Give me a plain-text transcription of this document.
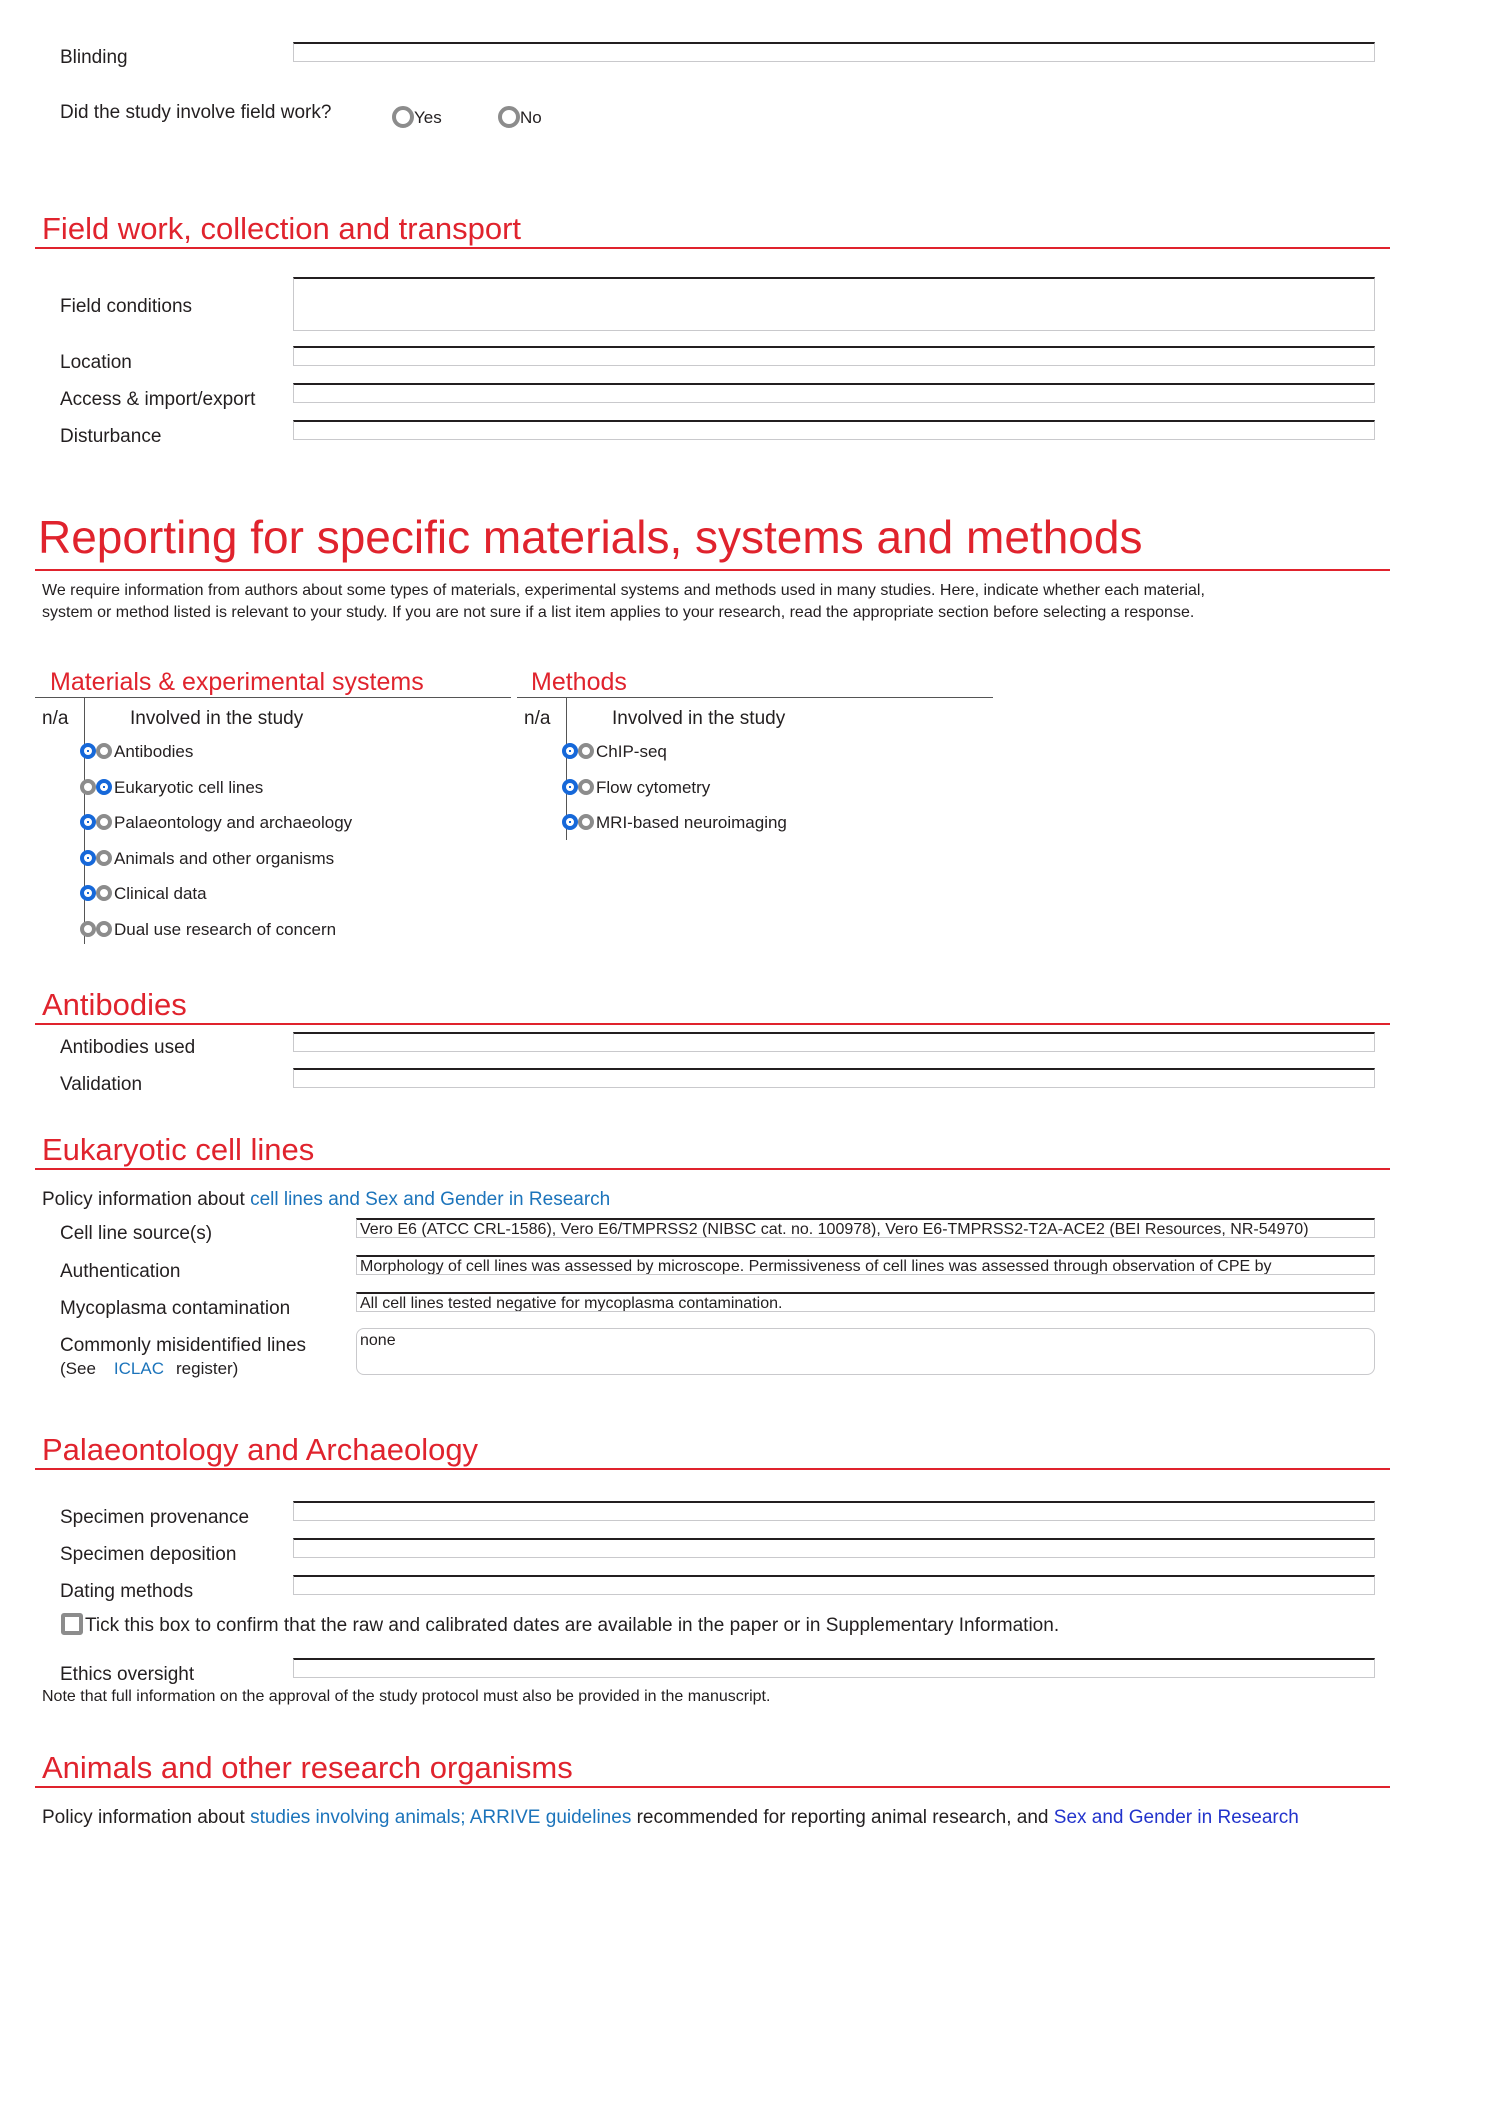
Blinding
Did the study involve field work?	Yes	No
Field work, collection and transport
Field conditions
Location
Access & import/export
Disturbance
Reporting for specific materials, systems and methods
We require information from authors about some types of materials, experimental systems and methods used in many studies. Here, indicate whether each material,
system or method listed is relevant to your study. If you are not sure if a list item applies to your research, read the appropriate section before selecting a response.
Materials & experimental systems
n/a	Involved in the study
Antibodies
Eukaryotic cell lines
Palaeontology and archaeology
Animals and other organisms
Clinical data
Dual use research of concern
Methods
n/a	Involved in the study
ChIP-seq
Flow cytometry
MRI-based neuroimaging
Antibodies
Antibodies used
Validation
Eukaryotic cell lines
Policy information about cell lines and Sex and Gender in Research
Cell line source(s)	Vero E6 (ATCC CRL-1586), Vero E6/TMPRSS2 (NIBSC cat. no. 100978), Vero E6-TMPRSS2-T2A-ACE2 (BEI Resources, NR-54970)
Authentication	Morphology of cell lines was assessed by microscope. Permissiveness of cell lines was assessed through observation of CPE by
Mycoplasma contamination	All cell lines tested negative for mycoplasma contamination.
Commonly misidentified lines
(See ICLAC register)
none
Palaeontology and Archaeology
Specimen provenance
Specimen deposition
Dating methods
Tick this box to confirm that the raw and calibrated dates are available in the paper or in Supplementary Information.
Ethics oversight
Note that full information on the approval of the study protocol must also be provided in the manuscript.
Animals and other research organisms
Policy information about studies involving animals; ARRIVE guidelines recommended for reporting animal research, and Sex and Gender in Research
